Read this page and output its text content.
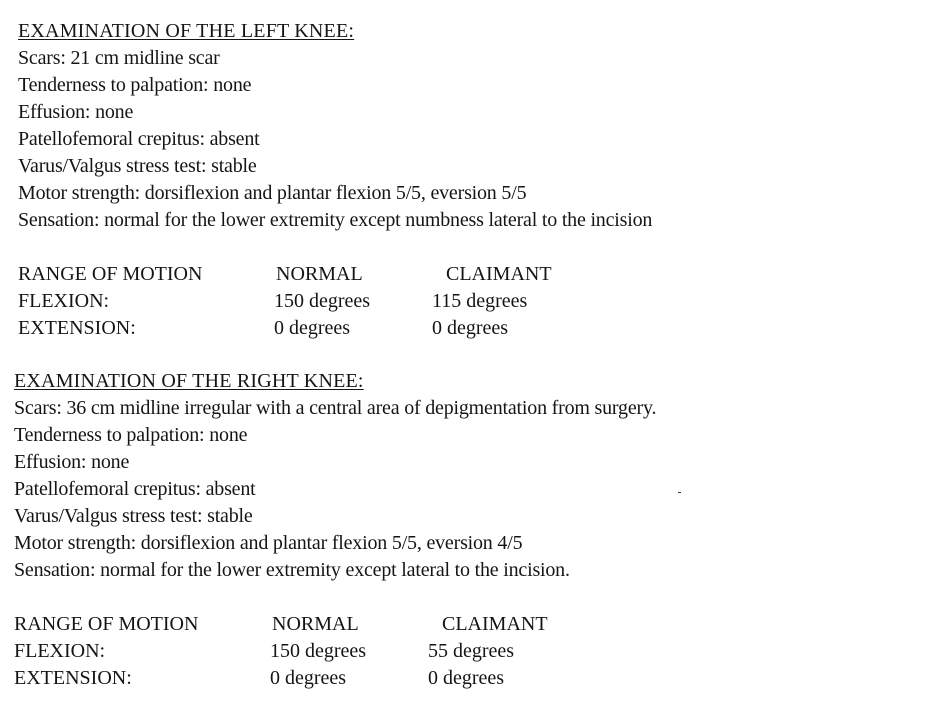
EXAMINATION OF THE LEFT KNEE:
Scars: 21 cm midline scar
Tenderness to palpation: none
Effusion: none
Patellofemoral crepitus: absent
Varus/Valgus stress test: stable
Motor strength: dorsiflexion and plantar flexion 5/5, eversion 5/5
Sensation: normal for the lower extremity except numbness lateral to the incision
RANGE OF MOTION	NORMAL	CLAIMANT
FLEXION:	150 degrees	115 degrees
EXTENSION:	0 degrees	0 degrees
EXAMINATION OF THE RIGHT KNEE:
Scars: 36 cm midline irregular with a central area of depigmentation from surgery.
Tenderness to palpation: none
Effusion: none
Patellofemoral crepitus: absent
Varus/Valgus stress test: stable
Motor strength: dorsiflexion and plantar flexion 5/5, eversion 4/5
Sensation: normal for the lower extremity except lateral to the incision.
RANGE OF MOTION	NORMAL	CLAIMANT
FLEXION:	150 degrees	55 degrees
EXTENSION:	0 degrees	0 degrees
